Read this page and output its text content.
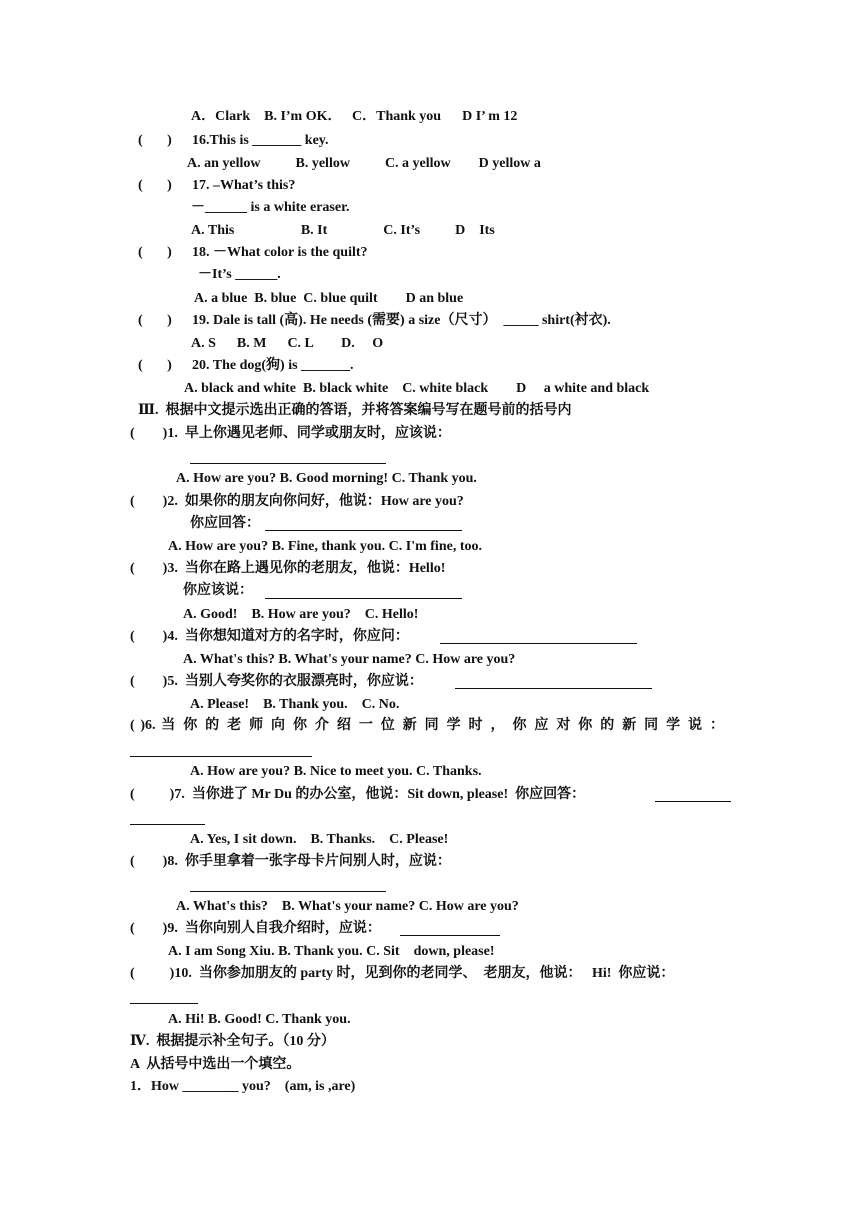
A．Clark    B. I’m OK．   C．Thank you      D I’ m 12
(       ) 16.This is _______ key.
A. an yellow          B. yellow          C. a yellow        D yellow a
(       ) 17. –What’s this?
－______ is a white eraser.
A. This                   B. It                C. It’s          D    Its
(       ) 18. －What color is the quilt?
－It’s ______.
A. a blue  B. blue  C. blue quilt        D an blue
(       ) 19. Dale is tall (高). He needs (需要) a size（尺寸）  _____ shirt(衬衣).
A. S      B. M      C. L        D.     O
(       ) 20. The dog(狗) is _______.
A. black and white  B. black white    C. white black        D     a white and black
Ⅲ.  根据中文提示选出正确的答语，并将答案编号写在题号前的括号内
(        )1.  早上你遇见老师、同学或朋友时，应该说：
A. How are you? B. Good morning! C. Thank you.
(        )2.  如果你的朋友向你问好，他说：How are you?
你应回答：
A. How are you? B. Fine, thank you. C. I'm fine, too.
(        )3.  当你在路上遇见你的老朋友，他说：Hello!
你应该说：
A. Good!    B. How are you?    C. Hello!
(        )4.  当你想知道对方的名字时，你应问：
A. What's this? B. What's your name? C. How are you?
(        )5.  当别人夸奖你的衣服漂亮时，你应说：
A. Please!    B. Thank you.    C. No.
( )6. 当 你 的 老 师 向 你 介 绍 一 位 新 同 学 时 ， 你 应 对 你 的 新 同 学 说 ：
A. How are you? B. Nice to meet you. C. Thanks.
(          )7.  当你进了 Mr Du 的办公室，他说：Sit down, please!  你应回答：
A. Yes, I sit down.    B. Thanks.    C. Please!
(        )8.  你手里拿着一张字母卡片问别人时，应说：
A. What's this?    B. What's your name? C. How are you?
(        )9.  当你向别人自我介绍时，应说：
A. I am Song Xiu. B. Thank you. C. Sit    down, please!
(          )10.  当你参加朋友的 party 时，见到你的老同学、  老朋友，他说：   Hi!  你应说：
A. Hi! B. Good! C. Thank you.
Ⅳ.  根据提示补全句子。（10 分）
A  从括号中选出一个填空。
1．How ________ you?    (am, is ,are)
